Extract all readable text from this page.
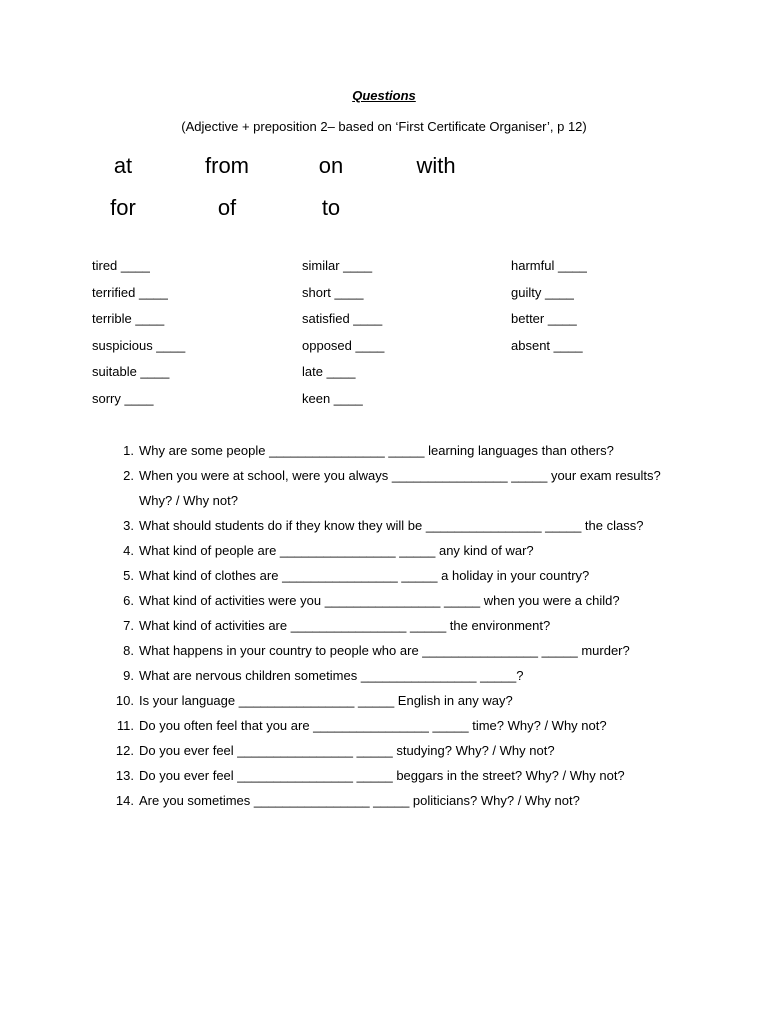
Questions
(Adjective + preposition 2– based on ‘First Certificate Organiser’, p 12)
at	from	on	with
for	of	to
tired ____
terrified ____
terrible ____
suspicious ____
suitable ____
sorry ____
similar ____
short ____
satisfied ____
opposed ____
late ____
keen ____
harmful ____
guilty ____
better ____
absent ____
1. Why are some people ________________ _____ learning languages than others?
2. When you were at school, were you always ________________ _____ your exam results?
Why? / Why not?
3. What should students do if they know they will be ________________ _____ the class?
4. What kind of people are ________________ _____ any kind of war?
5. What kind of clothes are ________________ _____ a holiday in your country?
6. What kind of activities were you ________________ _____ when you were a child?
7. What kind of activities are ________________ _____ the environment?
8. What happens in your country to people who are ________________ _____ murder?
9. What are nervous children sometimes ________________ _____?
10. Is your language ________________ _____ English in any way?
11. Do you often feel that you are ________________ _____ time? Why? / Why not?
12. Do you ever feel ________________ _____ studying? Why? / Why not?
13. Do you ever feel ________________ _____ beggars in the street? Why? / Why not?
14. Are you sometimes ________________ _____ politicians? Why? / Why not?
